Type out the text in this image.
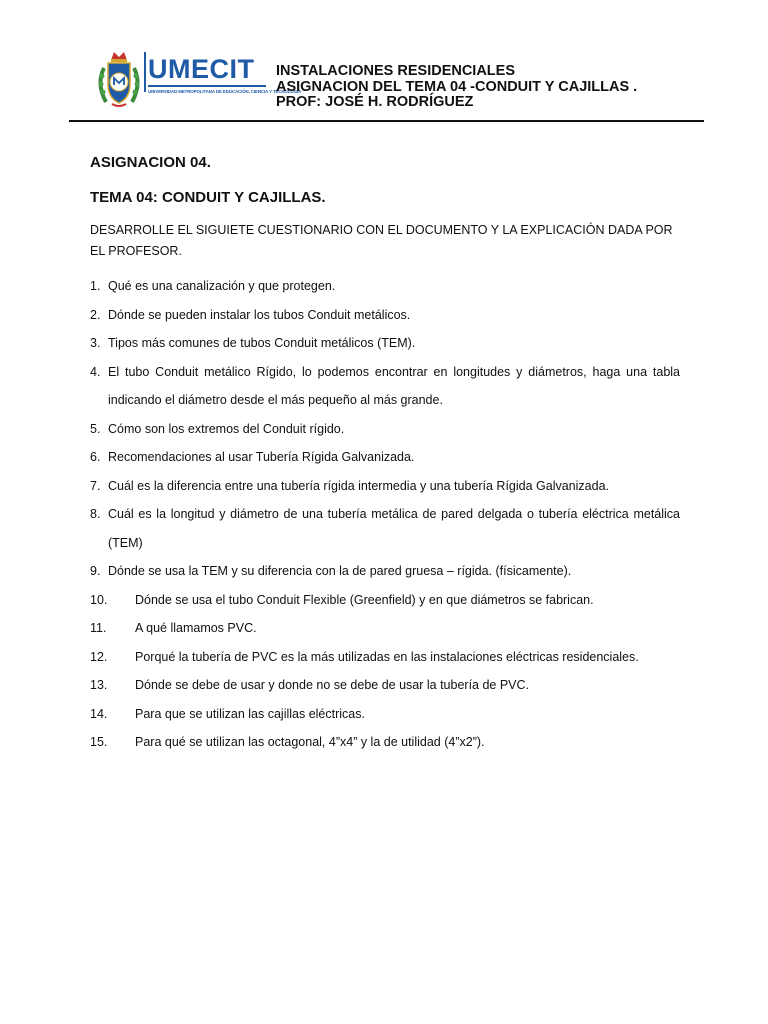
UMECIT
UNIVERSIDAD METROPOLITANA DE EDUCACIÓN, CIENCIA Y TECNOLOGÍA
INSTALACIONES RESIDENCIALES
ASIGNACION DEL TEMA 04 -CONDUIT Y CAJILLAS .
PROF: JOSÉ H. RODRÍGUEZ
ASIGNACION 04.
TEMA 04: CONDUIT Y CAJILLAS.

DESARROLLE EL SIGUIETE CUESTIONARIO CON EL DOCUMENTO Y LA EXPLICACIÓN DADA POR EL PROFESOR.

1. Qué es una canalización y que protegen.
2. Dónde se pueden instalar los tubos Conduit metálicos.
3. Tipos más comunes de tubos Conduit metálicos (TEM).
4. El tubo Conduit metálico Rígido, lo podemos encontrar en longitudes y diámetros, haga una tabla indicando el diámetro desde el más pequeño al más grande.
5. Cómo son los extremos del Conduit rígido.
6. Recomendaciones al usar Tubería Rígida Galvanizada.
7. Cuál es la diferencia entre una tubería rígida intermedia y una tubería Rígida Galvanizada.
8. Cuál es la longitud y diámetro de una tubería metálica de pared delgada o tubería eléctrica metálica (TEM)
9. Dónde se usa la TEM y su diferencia con la de pared gruesa – rígida. (físicamente).
10.	Dónde se usa el tubo Conduit Flexible (Greenfield) y en que diámetros se fabrican.
11.	A qué llamamos PVC.
12.	Porqué la tubería de PVC es la más utilizadas en las instalaciones eléctricas residenciales.
13.	Dónde se debe de usar y donde no se debe de usar la tubería de PVC.
14.	Para que se utilizan las cajillas eléctricas.
15.	Para qué se utilizan las octagonal, 4”x4” y la de utilidad (4”x2”).
